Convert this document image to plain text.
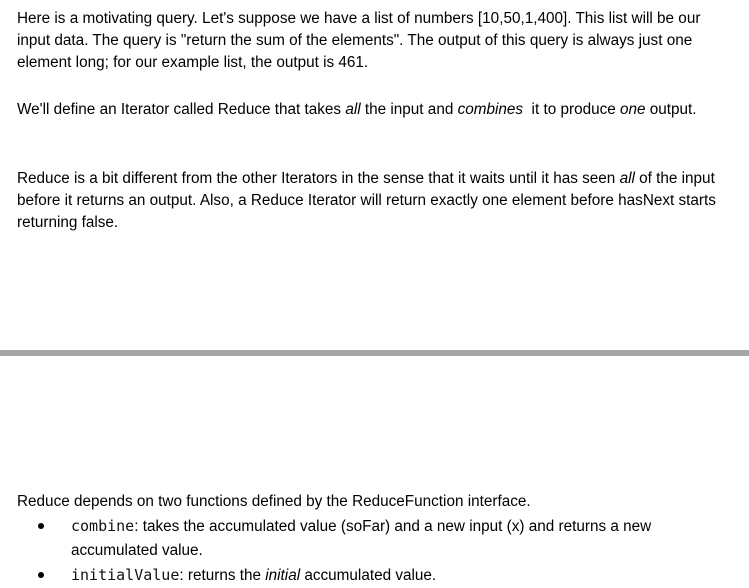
Here is a motivating query. Let's suppose we have a list of numbers [10,50,1,400]. This list will be our input data. The query is "return the sum of the elements". The output of this query is always just one element long; for our example list, the output is 461.

We'll define an Iterator called Reduce that takes all the input and combines  it to produce one output.

Reduce is a bit different from the other Iterators in the sense that it waits until it has seen all of the input before it returns an output. Also, a Reduce Iterator will return exactly one element before hasNext starts returning false.

Reduce depends on two functions defined by the ReduceFunction interface.

combine: takes the accumulated value (soFar) and a new input (x) and returns a new accumulated value.
initialValue: returns the initial accumulated value.
